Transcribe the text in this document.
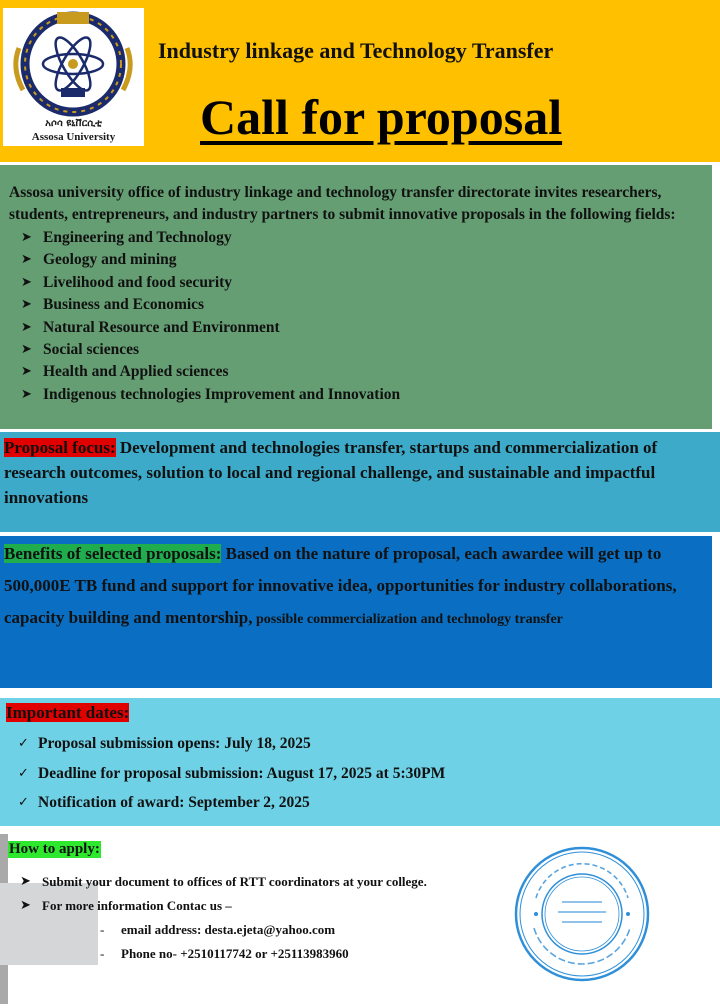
አሶሳ ዩኒቨርሲቲ
Assosa University
Industry linkage and Technology Transfer
Call for proposal
Assosa university office of industry linkage and technology transfer directorate invites researchers, students, entrepreneurs, and industry partners to submit innovative proposals in the following fields:
➤ Engineering and Technology
➤ Geology and mining
➤ Livelihood and food security
➤ Business and Economics
➤ Natural Resource and Environment
➤ Social sciences
➤ Health and Applied sciences
➤ Indigenous technologies Improvement and Innovation

Proposal focus: Development and technologies transfer, startups and commercialization of research outcomes, solution to local and regional challenge, and sustainable and impactful innovations

Benefits of selected proposals: Based on the nature of proposal, each awardee will get up to 500,000E TB fund and support for innovative idea, opportunities for industry collaborations, capacity building and mentorship, possible commercialization and technology transfer

Important dates:
✓ Proposal submission opens: July 18, 2025
✓ Deadline for proposal submission: August 17, 2025 at 5:30PM
✓ Notification of award: September 2, 2025
How to apply:
➤ Submit your document to offices of RTT coordinators at your college.
➤ For more information Contac us –
-	email address: desta.ejeta@yahoo.com
-	Phone no- +2510117742 or +25113983960
